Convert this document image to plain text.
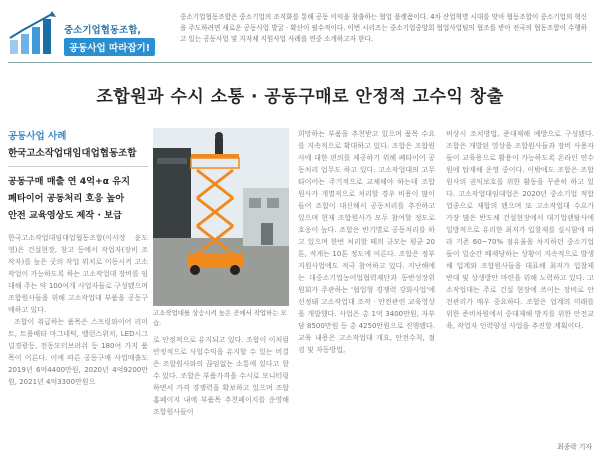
중소기업협동조합,
공동사업 따라잡기!
중소기업협동조합은 중소기업의 조직화를 통해 공동 이익을 창출하는 협업 플랫폼이다. 4차 산업혁명 시대를 맞아 협동조합이 중소기업의 혁신을 주도하려면 새로운 공동사업 발굴 · 확산이 필수적이다. 이번 시리즈는 중소기업중앙회 협업사업팀의 협조를 받아 전국의 협동조합이 수행하고 있는 공동사업 및 지자체 지원사업 사례를 연중 소개하고자 한다.
조합원과 수시 소통 · 공동구매로 안정적 고수익 창출
공동사업 사례
한국고소작업대임대업협동조합
공동구매 매출 연 4억+α 유지
폐타이어 공동처리 호응 높아
안전 교육영상도 제작 · 보급
한국고소작업대임대업협동조합(이사장 윤도영)은 건설현장, 창고 등에서 작업자(장비 조작자)를 높은 곳의 작업 위치로 이동시켜 고소작업이 가능하도록 하는 고소작업대 장비를 임대해 주는 약 100여개 사업자들로 구성됐으며 조합원사들을 위해 고소작업대 부품을 공동구매하고 있다.
조합이 취급하는 품목은 스프링와이어 리미트, 트롤베타 마그네틱, 밸런스위치, LED시그널경광등, 전동모터브러쉬 등 180여 가지 품목이 이른다. 이에 따른 공동구매 사업매출도 2019년 6억4400만원, 2020년 4억9200만원, 2021년 4억3300만원으
고소작업대를 상승시켜 높은 곳에서 작업하는 모습.
로 안정적으로 유지되고 있다. 조합이 이처럼 안정적으로 사업수익을 유지할 수 있는 비결은 조합원사와의 끊임없는 소통에 있다고 할 수 있다. 조합은 부품가격을 수시로 모니터링하면서 가격 경쟁력을 확보하고 있으며 조합 홈페이지 내에 부품목 추천페이지를 운영해 조합원사들이
희망하는 부품을 추천받고 있으며 품목 수요를 지속적으로 확대하고 있다. 조합은 조합원사에 대한 편의를 제공하기 위해 폐타이어 공동처리 업무도 하고 있다. 고소작업대의 고무타이어는 주기적으로 교체해야 하는데 조합원사가 개별적으로 처리할 경우 비용이 많이 들어 조합이 대신해서 공동처리를 추진하고 있으며 현재 조합원사가 모두 참여할 정도로 호응이 높다. 조합은 반기별로 공동처리를 하고 있으며 한번 처리할 때의 규모는 평균 20톤, 적게는 10톤 정도에 이른다. 조합은 정부지원사업에도 적극 참여하고 있다. 지난해에는 대중소기업농어업협력재단과 동반성장위원회가 주관하는 '협업형 경쟁력 강화사업'에 선정돼 고소작업대 조작 · 안전관련 교육영상을 개발했다. 사업은 총 1억 3400만원, 자부담 8500만원 등 총 4250만원으로 진행됐다. 교육 내용은 고소작업대 개요, 안전수칙, 점검 및 자동방법,
비상시 조치방법, 준대재해 예방으로 구성됐다. 조합은 개발된 영상을 조합원사들과 장비 사용자들이 교육용으로 활용이 가능하도록 온라인 연수원에 탑재해 운영 중이다. 이밖에도 조합은 조합원사의 권익보호를 위한 활동을 꾸준히 하고 있다. 고소작업대임대업은 2020년 중소기업 적합업종으로 재합의 됐으며 또 고소작업대 수요가 가장 많은 반도체 건설현장에서 대기업랜탈사에 일방적으로 유리한 최저가 입찰제를 실시함에 따라 기존 60~70% 점유율을 차지하던 중소기업들이 일순간 배제당하는 상황이 지속적으로 발생해 입계와 조합원사들을 대표해 최저가 입찰제 반대 및 상생방안 마련을 위해 노력하고 있다. 고소작업대는 주로 건설 현장에 쓰이는 장비로 안전관리가 매우 중요하다. 조합은 업계의 미래를 위한 준비차원에서 중대재해 방지를 위한 안전교육, 작업자 인력양성 사업을 추진할 계획이다.
최종락 기자
